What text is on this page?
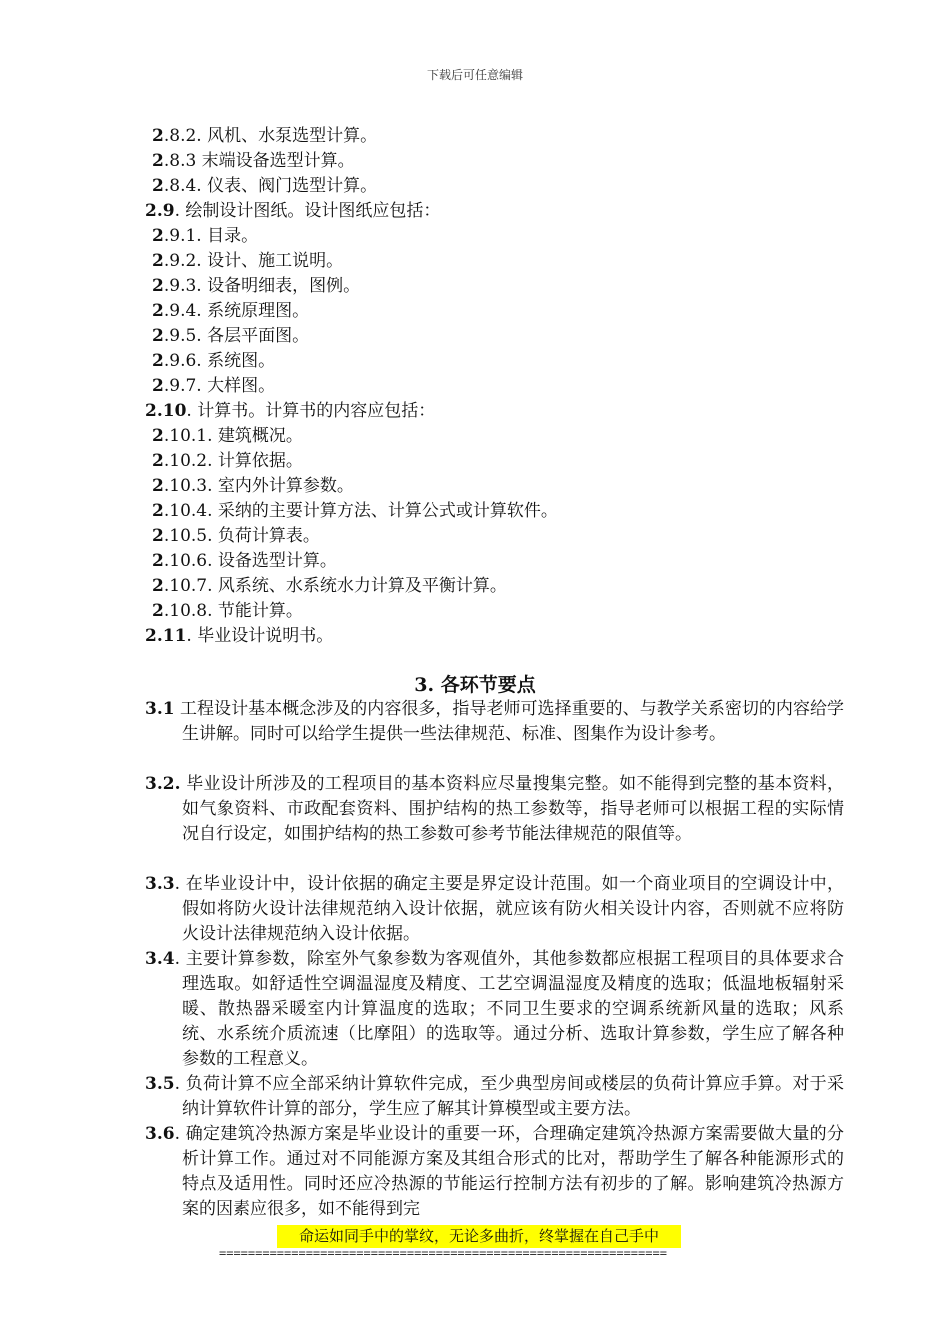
下载后可任意编辑
2.8.2. 风机、水泵选型计算。
2.8.3 末端设备选型计算。
2.8.4. 仪表、阀门选型计算。
2.9. 绘制设计图纸。设计图纸应包括：
2.9.1. 目录。
2.9.2. 设计、施工说明。
2.9.3. 设备明细表，图例。
2.9.4. 系统原理图。
2.9.5. 各层平面图。
2.9.6. 系统图。
2.9.7. 大样图。
2.10. 计算书。计算书的内容应包括：
2.10.1. 建筑概况。
2.10.2. 计算依据。
2.10.3. 室内外计算参数。
2.10.4. 采纳的主要计算方法、计算公式或计算软件。
2.10.5. 负荷计算表。
2.10.6. 设备选型计算。
2.10.7. 风系统、水系统水力计算及平衡计算。
2.10.8. 节能计算。
2.11. 毕业设计说明书。
3. 各环节要点
3.1 工程设计基本概念涉及的内容很多，指导老师可选择重要的、与教学关系密切的内容给学生讲解。同时可以给学生提供一些法律规范、标准、图集作为设计参考。
3.2. 毕业设计所涉及的工程项目的基本资料应尽量搜集完整。如不能得到完整的基本资料，如气象资料、市政配套资料、围护结构的热工参数等，指导老师可以根据工程的实际情况自行设定，如围护结构的热工参数可参考节能法律规范的限值等。
3.3. 在毕业设计中，设计依据的确定主要是界定设计范围。如一个商业项目的空调设计中，假如将防火设计法律规范纳入设计依据，就应该有防火相关设计内容，否则就不应将防火设计法律规范纳入设计依据。
3.4. 主要计算参数，除室外气象参数为客观值外，其他参数都应根据工程项目的具体要求合理选取。如舒适性空调温湿度及精度、工艺空调温湿度及精度的选取；低温地板辐射采暖、散热器采暖室内计算温度的选取；不同卫生要求的空调系统新风量的选取；风系统、水系统介质流速（比摩阻）的选取等。通过分析、选取计算参数，学生应了解各种参数的工程意义。
3.5. 负荷计算不应全部采纳计算软件完成，至少典型房间或楼层的负荷计算应手算。对于采纳计算软件计算的部分，学生应了解其计算模型或主要方法。
3.6. 确定建筑冷热源方案是毕业设计的重要一环，合理确定建筑冷热源方案需要做大量的分析计算工作。通过对不同能源方案及其组合形式的比对，帮助学生了解各种能源形式的特点及适用性。同时还应冷热源的节能运行控制方法有初步的了解。影响建筑冷热源方案的因素应很多，如不能得到完
命运如同手中的掌纹，无论多曲折，终掌握在自己手中
==============================================================
